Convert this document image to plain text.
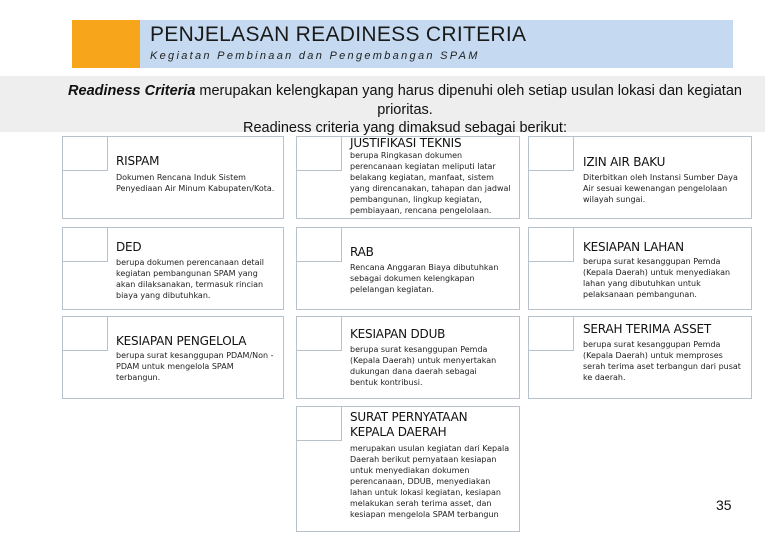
PENJELASAN READINESS CRITERIA
Kegiatan Pembinaan dan Pengembangan SPAM
Readiness Criteria merupakan kelengkapan yang harus dipenuhi oleh setiap usulan lokasi dan kegiatan prioritas.
Readiness criteria yang dimaksud sebagai berikut:
RISPAM
Dokumen Rencana Induk Sistem Penyediaan Air Minum Kabupaten/Kota.
JUSTIFIKASI TEKNIS
berupa Ringkasan dokumen perencanaan kegiatan meliputi latar belakang kegiatan, manfaat, sistem yang direncanakan, tahapan dan jadwal pembangunan, lingkup kegiatan, pembiayaan, rencana pengelolaan.
IZIN AIR BAKU
Diterbitkan oleh Instansi Sumber Daya Air sesuai kewenangan pengelolaan wilayah sungai.
DED
berupa dokumen perencanaan detail kegiatan pembangunan SPAM yang akan dilaksanakan, termasuk rincian biaya yang dibutuhkan.
RAB
Rencana Anggaran Biaya dibutuhkan sebagai dokumen kelengkapan pelelangan kegiatan.
KESIAPAN LAHAN
berupa surat kesanggupan Pemda (Kepala Daerah) untuk menyediakan lahan yang dibutuhkan untuk pelaksanaan pembangunan.
KESIAPAN PENGELOLA
berupa surat kesanggupan PDAM/Non -PDAM untuk mengelola SPAM terbangun.
KESIAPAN DDUB
berupa surat kesanggupan Pemda (Kepala Daerah) untuk menyertakan dukungan dana daerah sebagai bentuk kontribusi.
SERAH TERIMA ASSET
berupa surat kesanggupan Pemda (Kepala Daerah) untuk memproses serah terima aset terbangun dari pusat ke daerah.
SURAT PERNYATAAN
KEPALA DAERAH
merupakan usulan kegiatan dari Kepala Daerah berikut pernyataan kesiapan untuk menyediakan dokumen perencanaan, DDUB, menyediakan lahan untuk lokasi kegiatan, kesiapan melakukan serah terima asset, dan kesiapan mengelola SPAM terbangun
35
